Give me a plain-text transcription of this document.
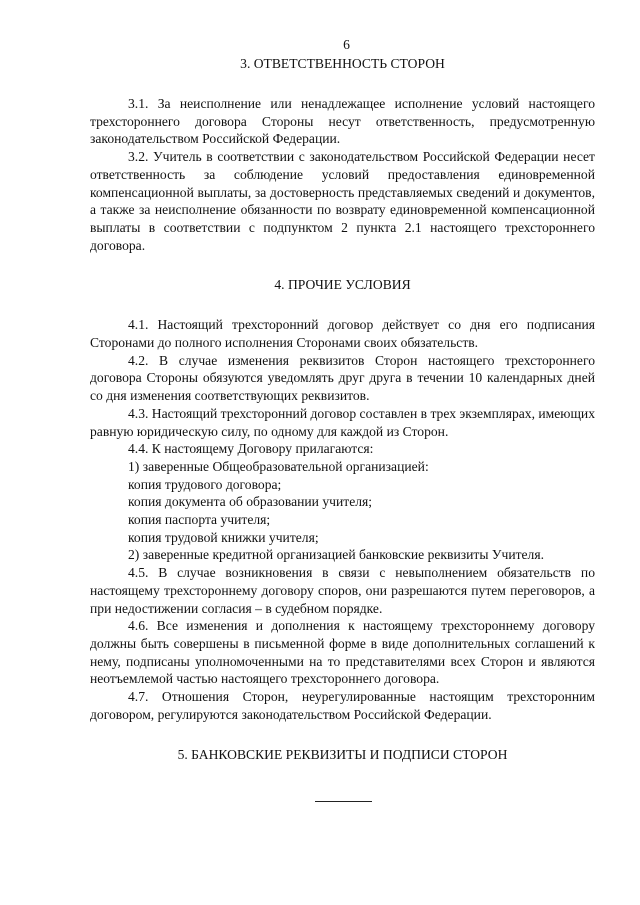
6
3. ОТВЕТСТВЕННОСТЬ СТОРОН

3.1. За неисполнение или ненадлежащее исполнение условий настоящего трехстороннего договора Стороны несут ответственность, предусмотренную законодательством Российской Федерации.

3.2. Учитель в соответствии с законодательством Российской Федерации несет ответственность за соблюдение условий предоставления единовременной компенсационной выплаты, за достоверность представляемых сведений и документов, а также за неисполнение обязанности по возврату единовременной компенсационной выплаты в соответствии с подпунктом 2 пункта 2.1 настоящего трехстороннего договора.

4. ПРОЧИЕ УСЛОВИЯ

4.1. Настоящий трехсторонний договор действует со дня его подписания Сторонами до полного исполнения Сторонами своих обязательств.

4.2. В случае изменения реквизитов Сторон настоящего трехстороннего договора Стороны обязуются уведомлять друг друга в течении 10 календарных дней со дня изменения соответствующих реквизитов.

4.3. Настоящий трехсторонний договор составлен в трех экземплярах, имеющих равную юридическую силу, по одному для каждой из Сторон.

4.4. К настоящему Договору прилагаются:

1) заверенные Общеобразовательной организацией:

копия трудового договора;

копия документа об образовании учителя;

копия паспорта учителя;

копия трудовой книжки учителя;

2) заверенные кредитной организацией банковские реквизиты Учителя.

4.5. В случае возникновения в связи с невыполнением обязательств по настоящему трехстороннему договору споров, они разрешаются путем переговоров, а при недостижении согласия – в судебном порядке.

4.6. Все изменения и дополнения к настоящему трехстороннему договору должны быть совершены в письменной форме в виде дополнительных соглашений к нему, подписаны уполномоченными на то представителями всех Сторон и являются неотъемлемой частью настоящего трехстороннего договора.

4.7. Отношения Сторон, неурегулированные настоящим трехсторонним договором, регулируются законодательством Российской Федерации.

5. БАНКОВСКИЕ РЕКВИЗИТЫ И ПОДПИСИ СТОРОН
